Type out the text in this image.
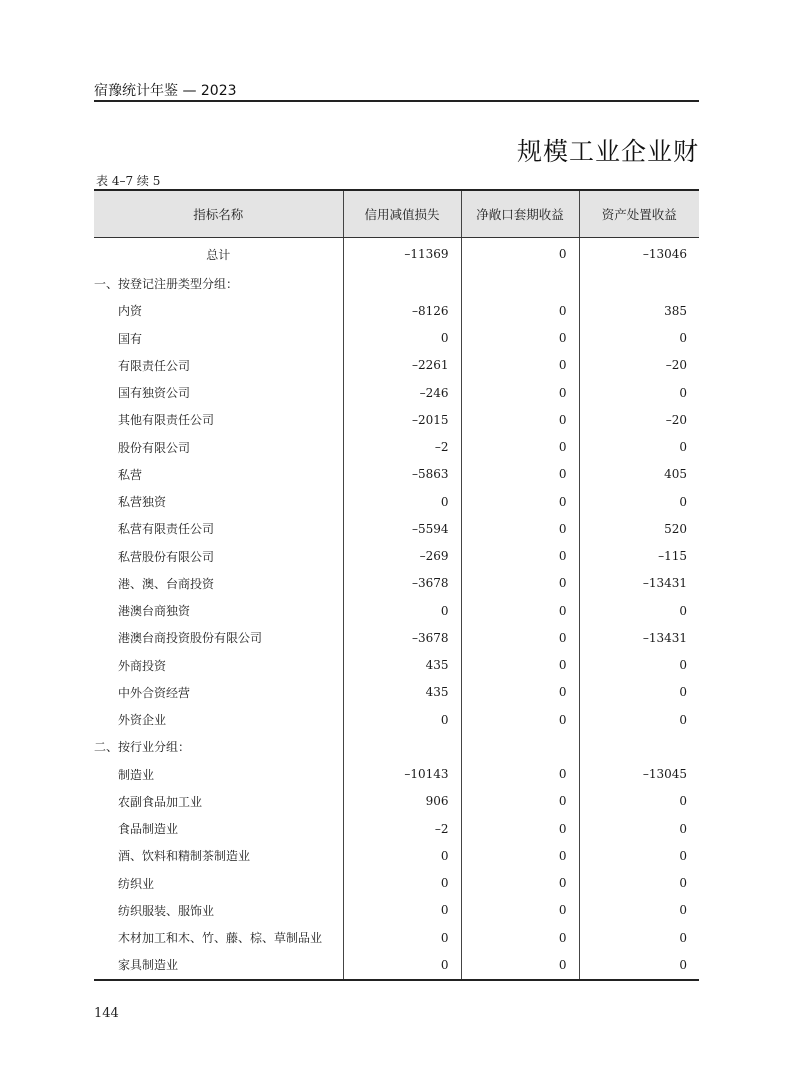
宿豫统计年鉴 — 2023
规模工业企业财
表 4–7 续 5
指标名称	信用减值损失	净敞口套期收益	资产处置收益
总计	–11369	0	–13046
一、按登记注册类型分组：			
内资	–8126	0	385
国有	0	0	0
有限责任公司	–2261	0	–20
国有独资公司	–246	0	0
其他有限责任公司	–2015	0	–20
股份有限公司	–2	0	0
私营	–5863	0	405
私营独资	0	0	0
私营有限责任公司	–5594	0	520
私营股份有限公司	–269	0	–115
港、澳、台商投资	–3678	0	–13431
港澳台商独资	0	0	0
港澳台商投资股份有限公司	–3678	0	–13431
外商投资	435	0	0
中外合资经营	435	0	0
外资企业	0	0	0
二、按行业分组：			
制造业	–10143	0	–13045
农副食品加工业	906	0	0
食品制造业	–2	0	0
酒、饮料和精制茶制造业	0	0	0
纺织业	0	0	0
纺织服装、服饰业	0	0	0
木材加工和木、竹、藤、棕、草制品业	0	0	0
家具制造业	0	0	0
144
